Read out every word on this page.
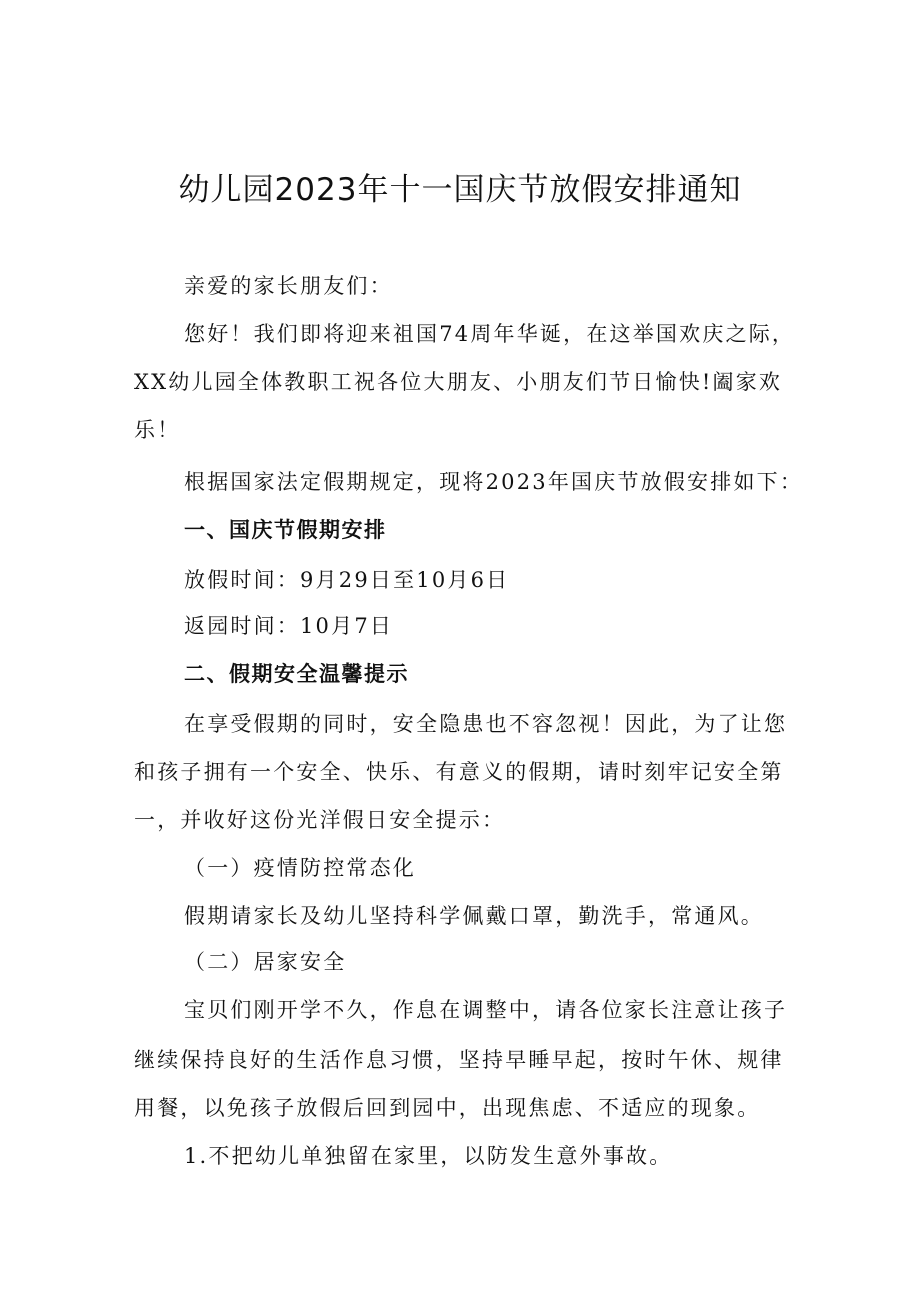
幼儿园2023年十一国庆节放假安排通知
亲爱的家长朋友们：
您好！我们即将迎来祖国74周年华诞，在这举国欢庆之际，
XX幼儿园全体教职工祝各位大朋友、小朋友们节日愉快!阖家欢
乐！
根据国家法定假期规定，现将2023年国庆节放假安排如下：
一、国庆节假期安排
放假时间：9月29日至10月6日
返园时间：10月7日
二、假期安全温馨提示
在享受假期的同时，安全隐患也不容忽视！因此，为了让您
和孩子拥有一个安全、快乐、有意义的假期，请时刻牢记安全第
一，并收好这份光洋假日安全提示：
（一）疫情防控常态化
假期请家长及幼儿坚持科学佩戴口罩，勤洗手，常通风。
（二）居家安全
宝贝们刚开学不久，作息在调整中，请各位家长注意让孩子
继续保持良好的生活作息习惯，坚持早睡早起，按时午休、规律
用餐，以免孩子放假后回到园中，出现焦虑、不适应的现象。
1.不把幼儿单独留在家里，以防发生意外事故。
